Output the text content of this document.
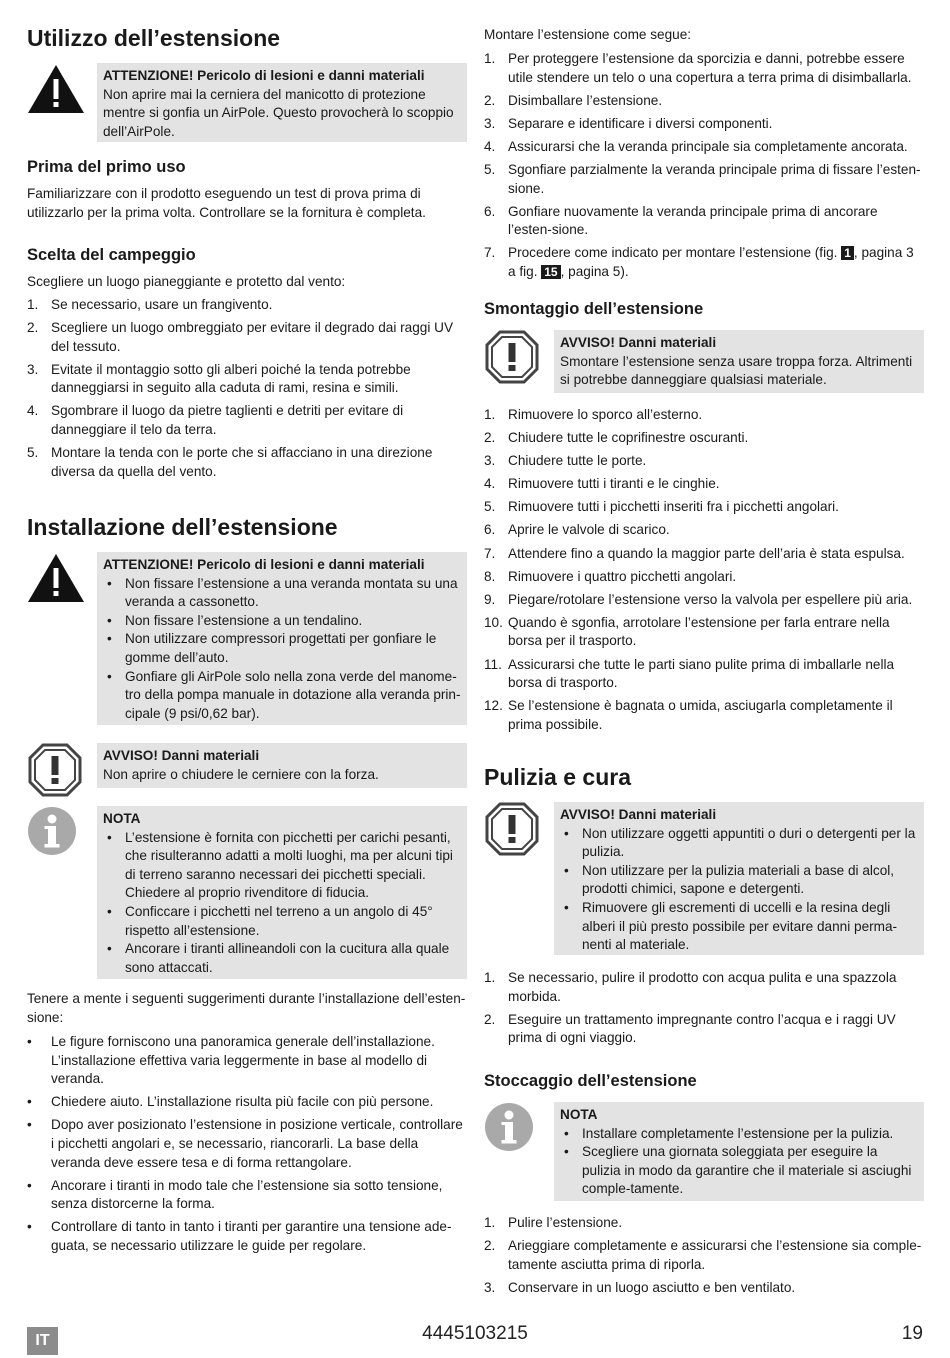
Utilizzo dell’estensione
ATTENZIONE! Pericolo di lesioni e danni materiali
Non aprire mai la cerniera del manicotto di protezione mentre si gonfia un AirPole. Questo provocherà lo scoppio dell’AirPole.
Prima del primo uso

Familiarizzare con il prodotto eseguendo un test di prova prima di utilizzarlo per la prima volta. Controllare se la fornitura è completa.

Scelta del campeggio

Scegliere un luogo pianeggiante e protetto dal vento:

1. Se necessario, usare un frangivento.
2. Scegliere un luogo ombreggiato per evitare il degrado dai raggi UV del tessuto.
3. Evitate il montaggio sotto gli alberi poiché la tenda potrebbe danneggiarsi in seguito alla caduta di rami, resina e simili.
4. Sgombrare il luogo da pietre taglienti e detriti per evitare di danneggiare il telo da terra.
5. Montare la tenda con le porte che si affacciano in una direzione diversa da quella del vento.
Installazione dell’estensione
ATTENZIONE! Pericolo di lesioni e danni materiali
• Non fissare l’estensione a una veranda montata su una veranda a cassonetto.
• Non fissare l’estensione a un tendalino.
• Non utilizzare compressori progettati per gonfiare le gomme dell’auto.
• Gonfiare gli AirPole solo nella zona verde del manome-tro della pompa manuale in dotazione alla veranda prin-cipale (9 psi/0,62 bar).
AVVISO! Danni materiali
Non aprire o chiudere le cerniere con la forza.
NOTA
• L’estensione è fornita con picchetti per carichi pesanti, che risulteranno adatti a molti luoghi, ma per alcuni tipi di terreno saranno necessari dei picchetti speciali. Chiedere al proprio rivenditore di fiducia.
• Conficcare i picchetti nel terreno a un angolo di 45° rispetto all’estensione.
• Ancorare i tiranti allineandoli con la cucitura alla quale sono attaccati.

Tenere a mente i seguenti suggerimenti durante l’installazione dell’esten-sione:

• Le figure forniscono una panoramica generale dell’installazione. L’installazione effettiva varia leggermente in base al modello di veranda.
• Chiedere aiuto. L’installazione risulta più facile con più persone.
• Dopo aver posizionato l’estensione in posizione verticale, controllare i picchetti angolari e, se necessario, riancorarli. La base della veranda deve essere tesa e di forma rettangolare.
• Ancorare i tiranti in modo tale che l’estensione sia sotto tensione, senza distorcerne la forma.
• Controllare di tanto in tanto i tiranti per garantire una tensione ade-guata, se necessario utilizzare le guide per regolare.

Montare l’estensione come segue:

1. Per proteggere l’estensione da sporcizia e danni, potrebbe essere utile stendere un telo o una copertura a terra prima di disimballarla.
2. Disimballare l’estensione.
3. Separare e identificare i diversi componenti.
4. Assicurarsi che la veranda principale sia completamente ancorata.
5. Sgonfiare parzialmente la veranda principale prima di fissare l’esten-sione.
6. Gonfiare nuovamente la veranda principale prima di ancorare l’esten-sione.
7. Procedere come indicato per montare l’estensione (fig. 1 , pagina 3 a fig. 15 , pagina 5).
Smontaggio dell’estensione
AVVISO! Danni materiali
Smontare l’estensione senza usare troppa forza. Altrimenti si potrebbe danneggiare qualsiasi materiale.
1. Rimuovere lo sporco all’esterno.
2. Chiudere tutte le coprifinestre oscuranti.
3. Chiudere tutte le porte.
4. Rimuovere tutti i tiranti e le cinghie.
5. Rimuovere tutti i picchetti inseriti fra i picchetti angolari.
6. Aprire le valvole di scarico.
7. Attendere fino a quando la maggior parte dell’aria è stata espulsa.
8. Rimuovere i quattro picchetti angolari.
9. Piegare/rotolare l’estensione verso la valvola per espellere più aria.
10. Quando è sgonfia, arrotolare l’estensione per farla entrare nella borsa per il trasporto.
11. Assicurarsi che tutte le parti siano pulite prima di imballarle nella borsa di trasporto.
12. Se l’estensione è bagnata o umida, asciugarla completamente il prima possibile.
Pulizia e cura
AVVISO! Danni materiali
• Non utilizzare oggetti appuntiti o duri o detergenti per la pulizia.
• Non utilizzare per la pulizia materiali a base di alcol, prodotti chimici, sapone e detergenti.
• Rimuovere gli escrementi di uccelli e la resina degli alberi il più presto possibile per evitare danni perma-nenti al materiale.
1. Se necessario, pulire il prodotto con acqua pulita e una spazzola morbida.
2. Eseguire un trattamento impregnante contro l’acqua e i raggi UV prima di ogni viaggio.
Stoccaggio dell’estensione
NOTA
• Installare completamente l’estensione per la pulizia.
• Scegliere una giornata soleggiata per eseguire la pulizia in modo da garantire che il materiale si asciughi comple-tamente.
1. Pulire l’estensione.
2. Arieggiare completamente e assicurarsi che l’estensione sia comple-tamente asciutta prima di riporla.
3. Conservare in un luogo asciutto e ben ventilato.
IT	4445103215	19
